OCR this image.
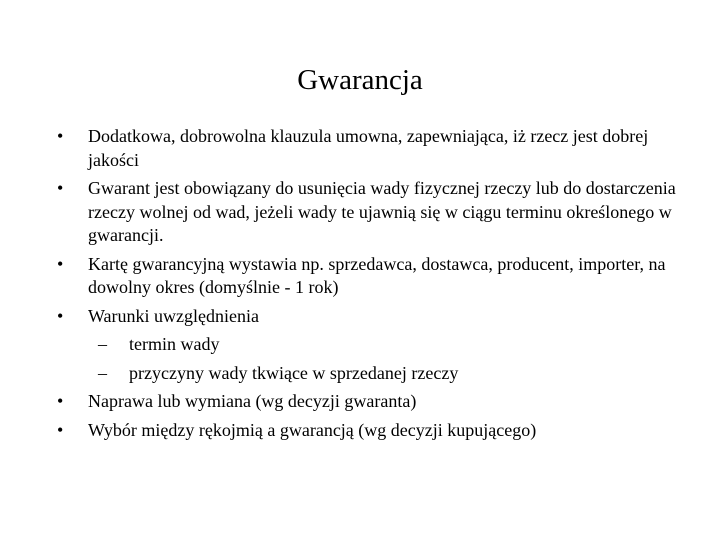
Gwarancja
•	Dodatkowa, dobrowolna klauzula umowna, zapewniająca, iż rzecz jest dobrej jakości
•	Gwarant jest obowiązany do usunięcia wady fizycznej rzeczy lub do dostarczenia rzeczy wolnej od wad, jeżeli wady te ujawnią się w ciągu terminu określonego w gwarancji.
•	Kartę gwarancyjną wystawia np. sprzedawca, dostawca, producent, importer, na dowolny okres (domyślnie - 1 rok)
•	Warunki uwzględnienia
–	termin wady
–	przyczyny wady tkwiące w sprzedanej rzeczy
•	Naprawa lub wymiana (wg decyzji gwaranta)
•	Wybór między rękojmią a gwarancją (wg decyzji kupującego)
